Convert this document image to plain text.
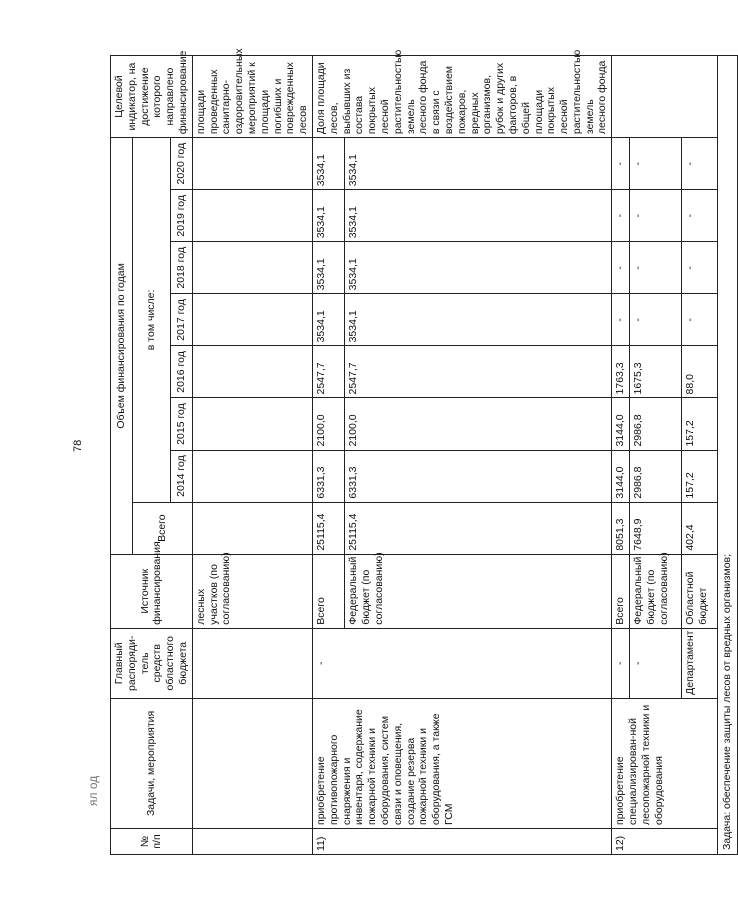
78
ял од
№ п/п	Задачи, мероприятия	Главный распоряди-тель средств областного бюджета	Источник финансирования	Объем финансирования по годам								Целевой индикатор, на достижение которого направлено финансирование
				Всего	в том числе:							
					2014 год	2015 год	2016 год	2017 год	2018 год	2019 год	2020 год	
			лесных участков (по согласованию)									площади проведенных санитарно-оздоровительных мероприятий к площади погибших и поврежденных лесов
11)	приобретение противопожарного снаряжения и инвентаря, содержание пожарной техники и оборудования, систем связи и оповещения, создание резерва пожарной техники и оборудования, а также ГСМ	-	Всего	25115,4	6331,3	2100,0	2547,7	3534,1	3534,1	3534,1	3534,1	Доля площади лесов, выбывших из состава покрытых лесной растительностью земель лесного фонда в связи с воздействием пожаров, вредных организмов, рубок и других факторов, в общей площади покрытых лесной растительностью земель лесного фонда
			Федеральный бюджет (по согласованию)	25115,4	6331,3	2100,0	2547,7	3534,1	3534,1	3534,1	3534,1	
12)	приобретение специализирован-ной лесопожарной техники и оборудования	-	Всего	8051,3	3144,0	3144,0	1763,3	-	-	-	-	
		-	Федеральный бюджет (по согласованию)	7648,9	2986,8	2986,8	1675,3	-	-	-	-	
		Департамент	Областной бюджет	402,4	157,2	157,2	88,0	-	-	-	-	
Задача: обеспечение защиты лесов от вредных организмов;												
